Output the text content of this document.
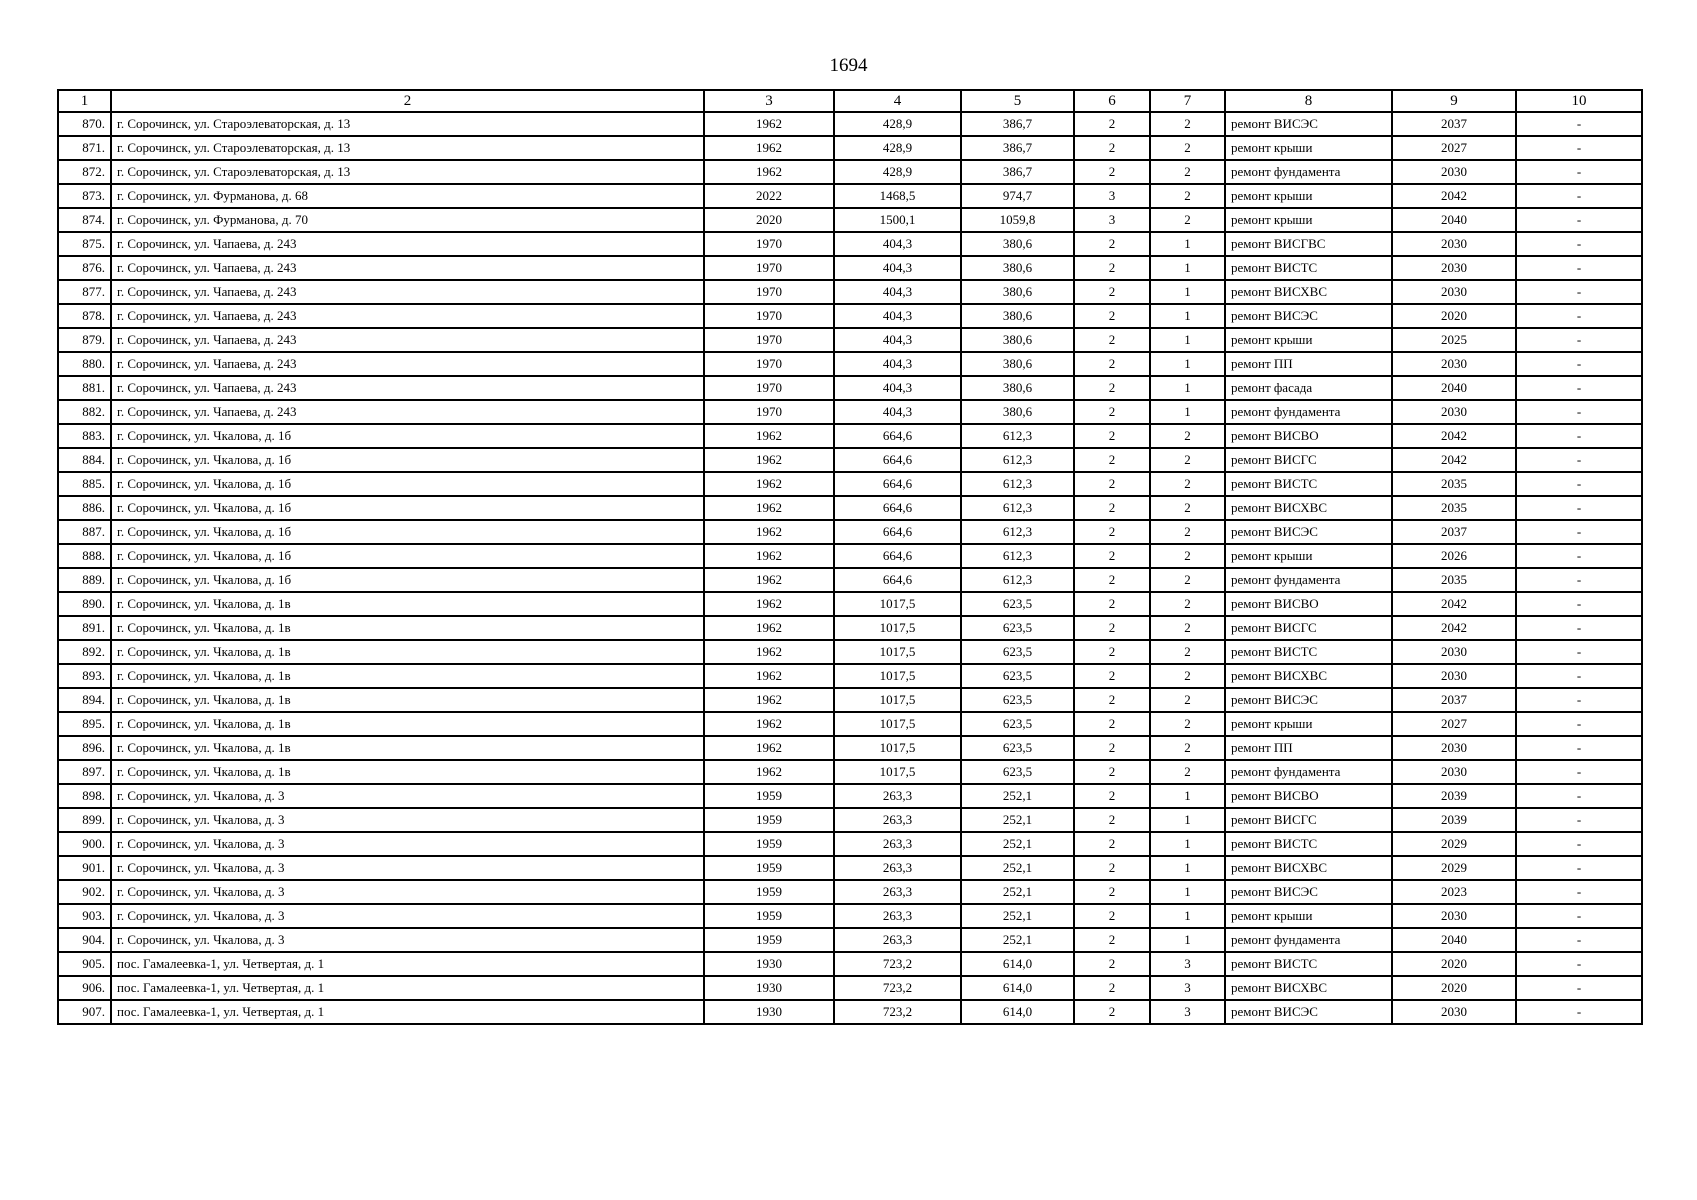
1694
1	2	3	4	5	6	7	8	9	10
870.	г. Сорочинск, ул. Староэлеваторская, д. 13	1962	428,9	386,7	2	2	ремонт ВИСЭС	2037	-
871.	г. Сорочинск, ул. Староэлеваторская, д. 13	1962	428,9	386,7	2	2	ремонт крыши	2027	-
872.	г. Сорочинск, ул. Староэлеваторская, д. 13	1962	428,9	386,7	2	2	ремонт фундамента	2030	-
873.	г. Сорочинск, ул. Фурманова, д. 68	2022	1468,5	974,7	3	2	ремонт крыши	2042	-
874.	г. Сорочинск, ул. Фурманова, д. 70	2020	1500,1	1059,8	3	2	ремонт крыши	2040	-
875.	г. Сорочинск, ул. Чапаева, д. 243	1970	404,3	380,6	2	1	ремонт ВИСГВС	2030	-
876.	г. Сорочинск, ул. Чапаева, д. 243	1970	404,3	380,6	2	1	ремонт ВИСТС	2030	-
877.	г. Сорочинск, ул. Чапаева, д. 243	1970	404,3	380,6	2	1	ремонт ВИСХВС	2030	-
878.	г. Сорочинск, ул. Чапаева, д. 243	1970	404,3	380,6	2	1	ремонт ВИСЭС	2020	-
879.	г. Сорочинск, ул. Чапаева, д. 243	1970	404,3	380,6	2	1	ремонт крыши	2025	-
880.	г. Сорочинск, ул. Чапаева, д. 243	1970	404,3	380,6	2	1	ремонт ПП	2030	-
881.	г. Сорочинск, ул. Чапаева, д. 243	1970	404,3	380,6	2	1	ремонт фасада	2040	-
882.	г. Сорочинск, ул. Чапаева, д. 243	1970	404,3	380,6	2	1	ремонт фундамента	2030	-
883.	г. Сорочинск, ул. Чкалова, д. 1б	1962	664,6	612,3	2	2	ремонт ВИСВО	2042	-
884.	г. Сорочинск, ул. Чкалова, д. 1б	1962	664,6	612,3	2	2	ремонт ВИСГС	2042	-
885.	г. Сорочинск, ул. Чкалова, д. 1б	1962	664,6	612,3	2	2	ремонт ВИСТС	2035	-
886.	г. Сорочинск, ул. Чкалова, д. 1б	1962	664,6	612,3	2	2	ремонт ВИСХВС	2035	-
887.	г. Сорочинск, ул. Чкалова, д. 1б	1962	664,6	612,3	2	2	ремонт ВИСЭС	2037	-
888.	г. Сорочинск, ул. Чкалова, д. 1б	1962	664,6	612,3	2	2	ремонт крыши	2026	-
889.	г. Сорочинск, ул. Чкалова, д. 1б	1962	664,6	612,3	2	2	ремонт фундамента	2035	-
890.	г. Сорочинск, ул. Чкалова, д. 1в	1962	1017,5	623,5	2	2	ремонт ВИСВО	2042	-
891.	г. Сорочинск, ул. Чкалова, д. 1в	1962	1017,5	623,5	2	2	ремонт ВИСГС	2042	-
892.	г. Сорочинск, ул. Чкалова, д. 1в	1962	1017,5	623,5	2	2	ремонт ВИСТС	2030	-
893.	г. Сорочинск, ул. Чкалова, д. 1в	1962	1017,5	623,5	2	2	ремонт ВИСХВС	2030	-
894.	г. Сорочинск, ул. Чкалова, д. 1в	1962	1017,5	623,5	2	2	ремонт ВИСЭС	2037	-
895.	г. Сорочинск, ул. Чкалова, д. 1в	1962	1017,5	623,5	2	2	ремонт крыши	2027	-
896.	г. Сорочинск, ул. Чкалова, д. 1в	1962	1017,5	623,5	2	2	ремонт ПП	2030	-
897.	г. Сорочинск, ул. Чкалова, д. 1в	1962	1017,5	623,5	2	2	ремонт фундамента	2030	-
898.	г. Сорочинск, ул. Чкалова, д. 3	1959	263,3	252,1	2	1	ремонт ВИСВО	2039	-
899.	г. Сорочинск, ул. Чкалова, д. 3	1959	263,3	252,1	2	1	ремонт ВИСГС	2039	-
900.	г. Сорочинск, ул. Чкалова, д. 3	1959	263,3	252,1	2	1	ремонт ВИСТС	2029	-
901.	г. Сорочинск, ул. Чкалова, д. 3	1959	263,3	252,1	2	1	ремонт ВИСХВС	2029	-
902.	г. Сорочинск, ул. Чкалова, д. 3	1959	263,3	252,1	2	1	ремонт ВИСЭС	2023	-
903.	г. Сорочинск, ул. Чкалова, д. 3	1959	263,3	252,1	2	1	ремонт крыши	2030	-
904.	г. Сорочинск, ул. Чкалова, д. 3	1959	263,3	252,1	2	1	ремонт фундамента	2040	-
905.	пос. Гамалеевка-1, ул. Четвертая, д. 1	1930	723,2	614,0	2	3	ремонт ВИСТС	2020	-
906.	пос. Гамалеевка-1, ул. Четвертая, д. 1	1930	723,2	614,0	2	3	ремонт ВИСХВС	2020	-
907.	пос. Гамалеевка-1, ул. Четвертая, д. 1	1930	723,2	614,0	2	3	ремонт ВИСЭС	2030	-
